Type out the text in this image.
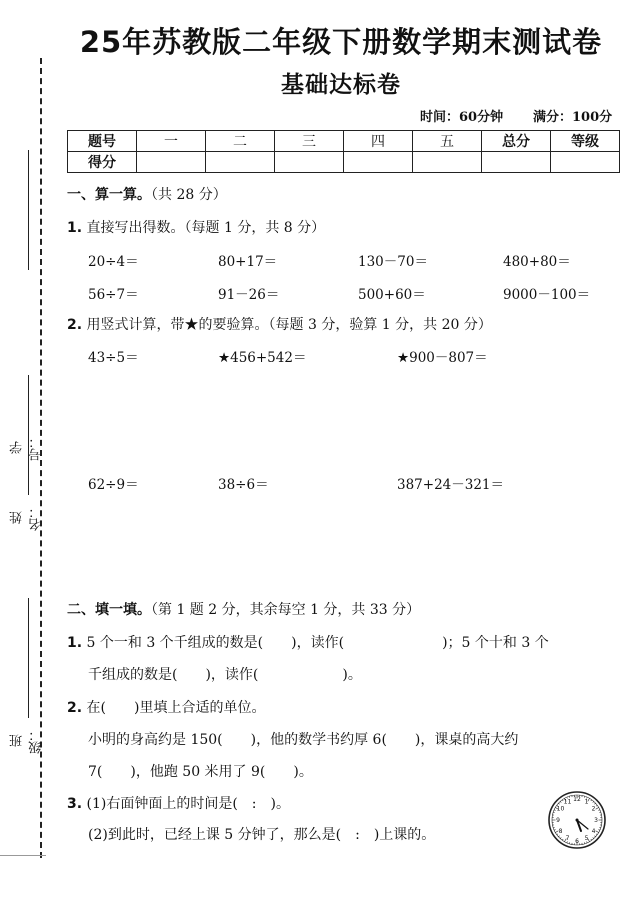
学号：
姓名：
班级：
25年苏教版二年级下册数学期末测试卷
基础达标卷
时间：60分钟 满分：100分
题号	一	二	三	四	五	总分	等级
得分							
一、算一算。（共 28 分）
1. 直接写出得数。（每题 1 分，共 8 分）
20÷4＝	80+17＝	130－70＝	480+80＝
56÷7＝	91－26＝	500+60＝	9000－100＝
2. 用竖式计算，带★的要验算。（每题 3 分，验算 1 分，共 20 分）
43÷5＝	★456+542＝	★900－807＝
62÷9＝	38÷6＝	387+24－321＝
二、填一填。（第 1 题 2 分，其余每空 1 分，共 33 分）
1. 5 个一和 3 个千组成的数是(　　)，读作(　　　　　　　)；5 个十和 3 个
千组成的数是(　　)，读作(　　　　　　)。
2. 在(　　)里填上合适的单位。
小明的身高约是 150(　　)，他的数学书约厚 6(　　)，课桌的高大约
7(　　)，他跑 50 米用了 9(　　)。
3. (1)右面钟面上的时间是(　:　)。
(2)到此时，已经上课 5 分钟了，那么是(　:　)上课的。
12 1
2
3
4
5
6
7
8
9
10
11
